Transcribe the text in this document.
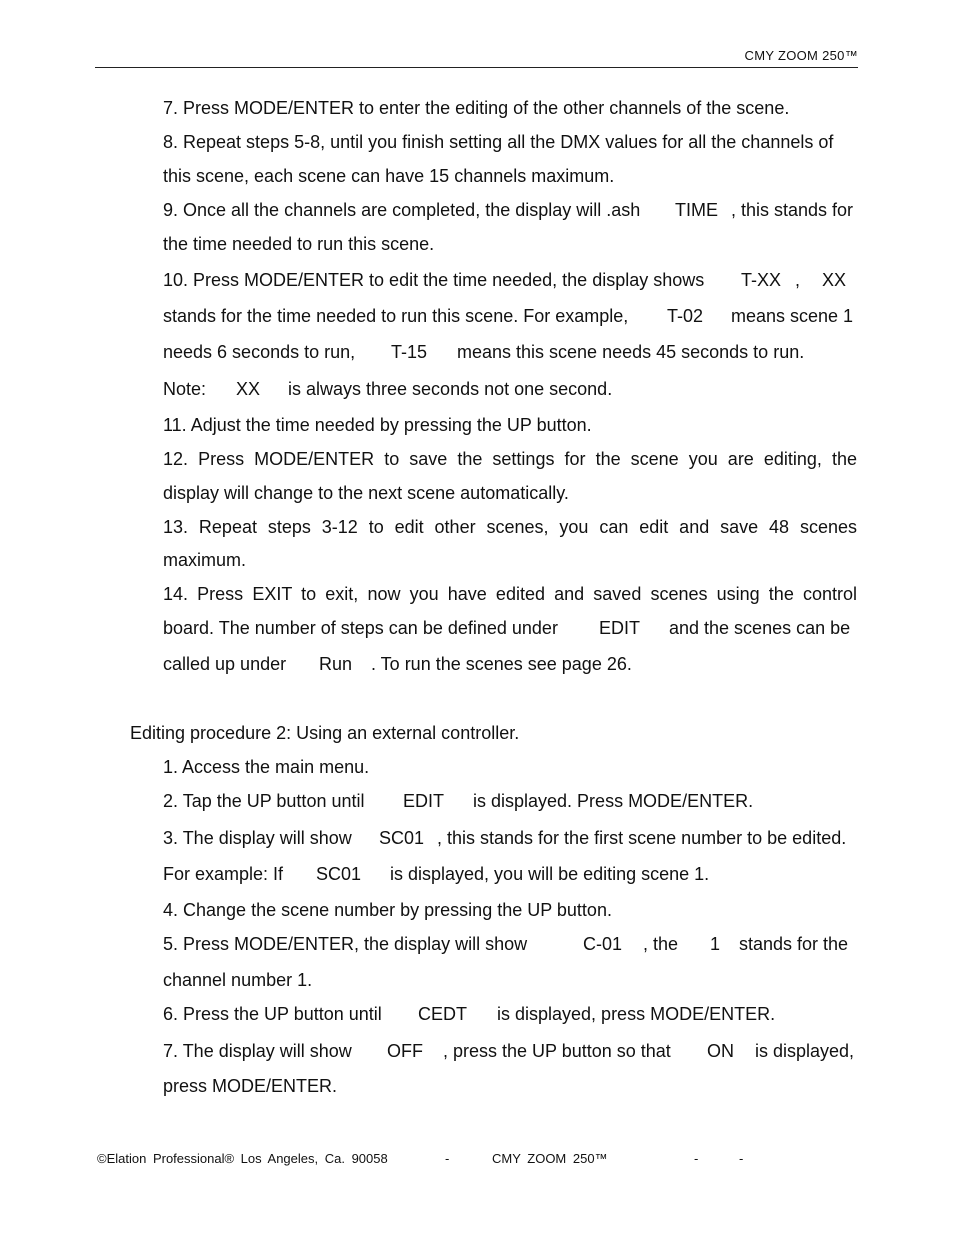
CMY ZOOM 250™
7. Press MODE/ENTER to enter the editing of the other channels of the scene.
8. Repeat steps 5-8, until you finish setting all the DMX values for all the channels of
this scene, each scene can have 15 channels maximum.
9. Once all the channels are completed, the display will .ash TIME , this stands for
the time needed to run this scene.
10. Press MODE/ENTER to edit the time needed, the display shows T-XX , XX
stands for the time needed to run this scene. For example, T-02 means scene 1
needs 6 seconds to run, T-15 means this scene needs 45 seconds to run.
Note: XX is always three seconds not one second.
11. Adjust the time needed by pressing the UP button.
12. Press MODE/ENTER to save the settings for the scene you are editing, the
display will change to the next scene automatically.
13. Repeat steps 3-12 to edit other scenes, you can edit and save 48 scenes
maximum.
14. Press EXIT to exit, now you have edited and saved scenes using the control
board. The number of steps can be defined under EDIT and the scenes can be
called up under Run . To run the scenes see page 26.
Editing procedure 2: Using an external controller.
1. Access the main menu.
2. Tap the UP button until EDIT is displayed. Press MODE/ENTER.
3. The display will show SC01 , this stands for the first scene number to be edited.
For example: If SC01 is displayed, you will be editing scene 1.
4. Change the scene number by pressing the UP button.
5. Press MODE/ENTER, the display will show	C-01 , the 1 stands for the
channel number 1.
6. Press the UP button until CEDT is displayed, press MODE/ENTER.
7. The display will show OFF , press the UP button so that ON is displayed,
press MODE/ENTER.
©Elation Professional® Los Angeles, Ca. 90058	-	CMY ZOOM 250™	-	-
